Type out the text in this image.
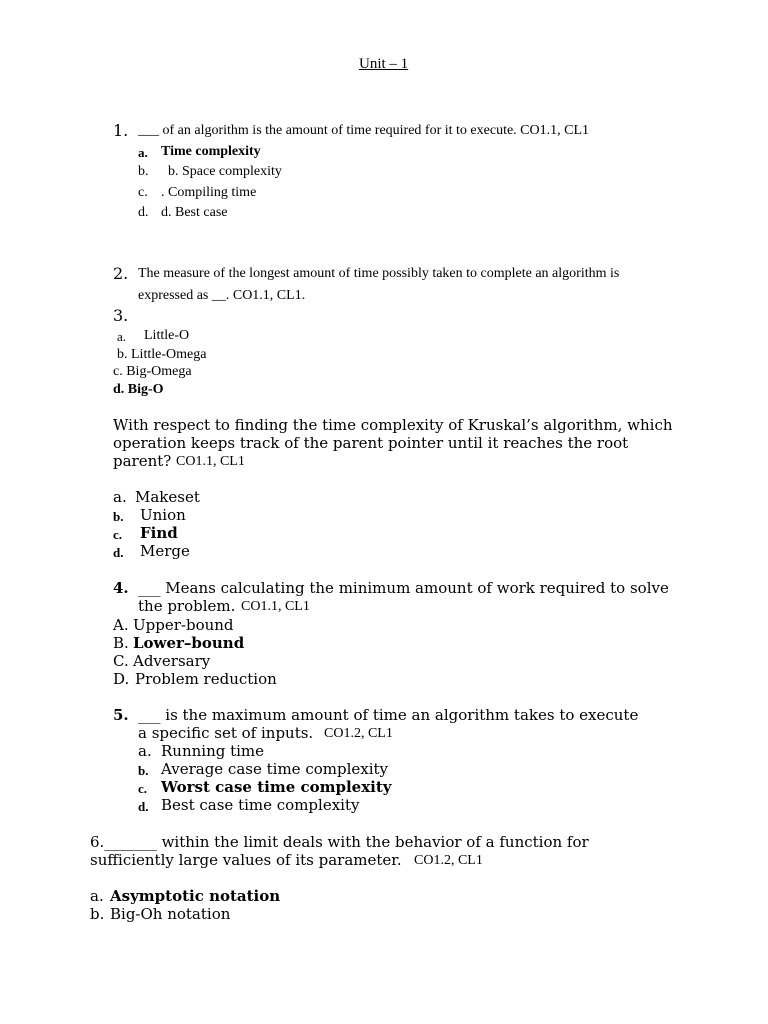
Unit – 1
1. ___ of an algorithm is the amount of time required for it to execute. CO1.1, CL1
a. Time complexity
b. b. Space complexity
c. . Compiling time
d. d. Best case
2. The measure of the longest amount of time possibly taken to complete an algorithm is
expressed as __. CO1.1, CL1.
3.
a. Little-O
b. Little-Omega
c. Big-Omega
d. Big-O
With respect to finding the time complexity of Kruskal’s algorithm, which
operation keeps track of the parent pointer until it reaches the root
parent? CO1.1, CL1
a. Makeset
b. Union
c. Find
d. Merge
4. ___ Means calculating the minimum amount of work required to solve
the problem. CO1.1, CL1
A. Upper-bound
B. Lower–bound
C. Adversary
D. Problem reduction
5. ___ is the maximum amount of time an algorithm takes to execute
a specific set of inputs. CO1.2, CL1
a. Running time
b. Average case time complexity
c. Worst case time complexity
d. Best case time complexity
6._______ within the limit deals with the behavior of a function for
sufficiently large values of its parameter. CO1.2, CL1
a. Asymptotic notation
b. Big-Oh notation
